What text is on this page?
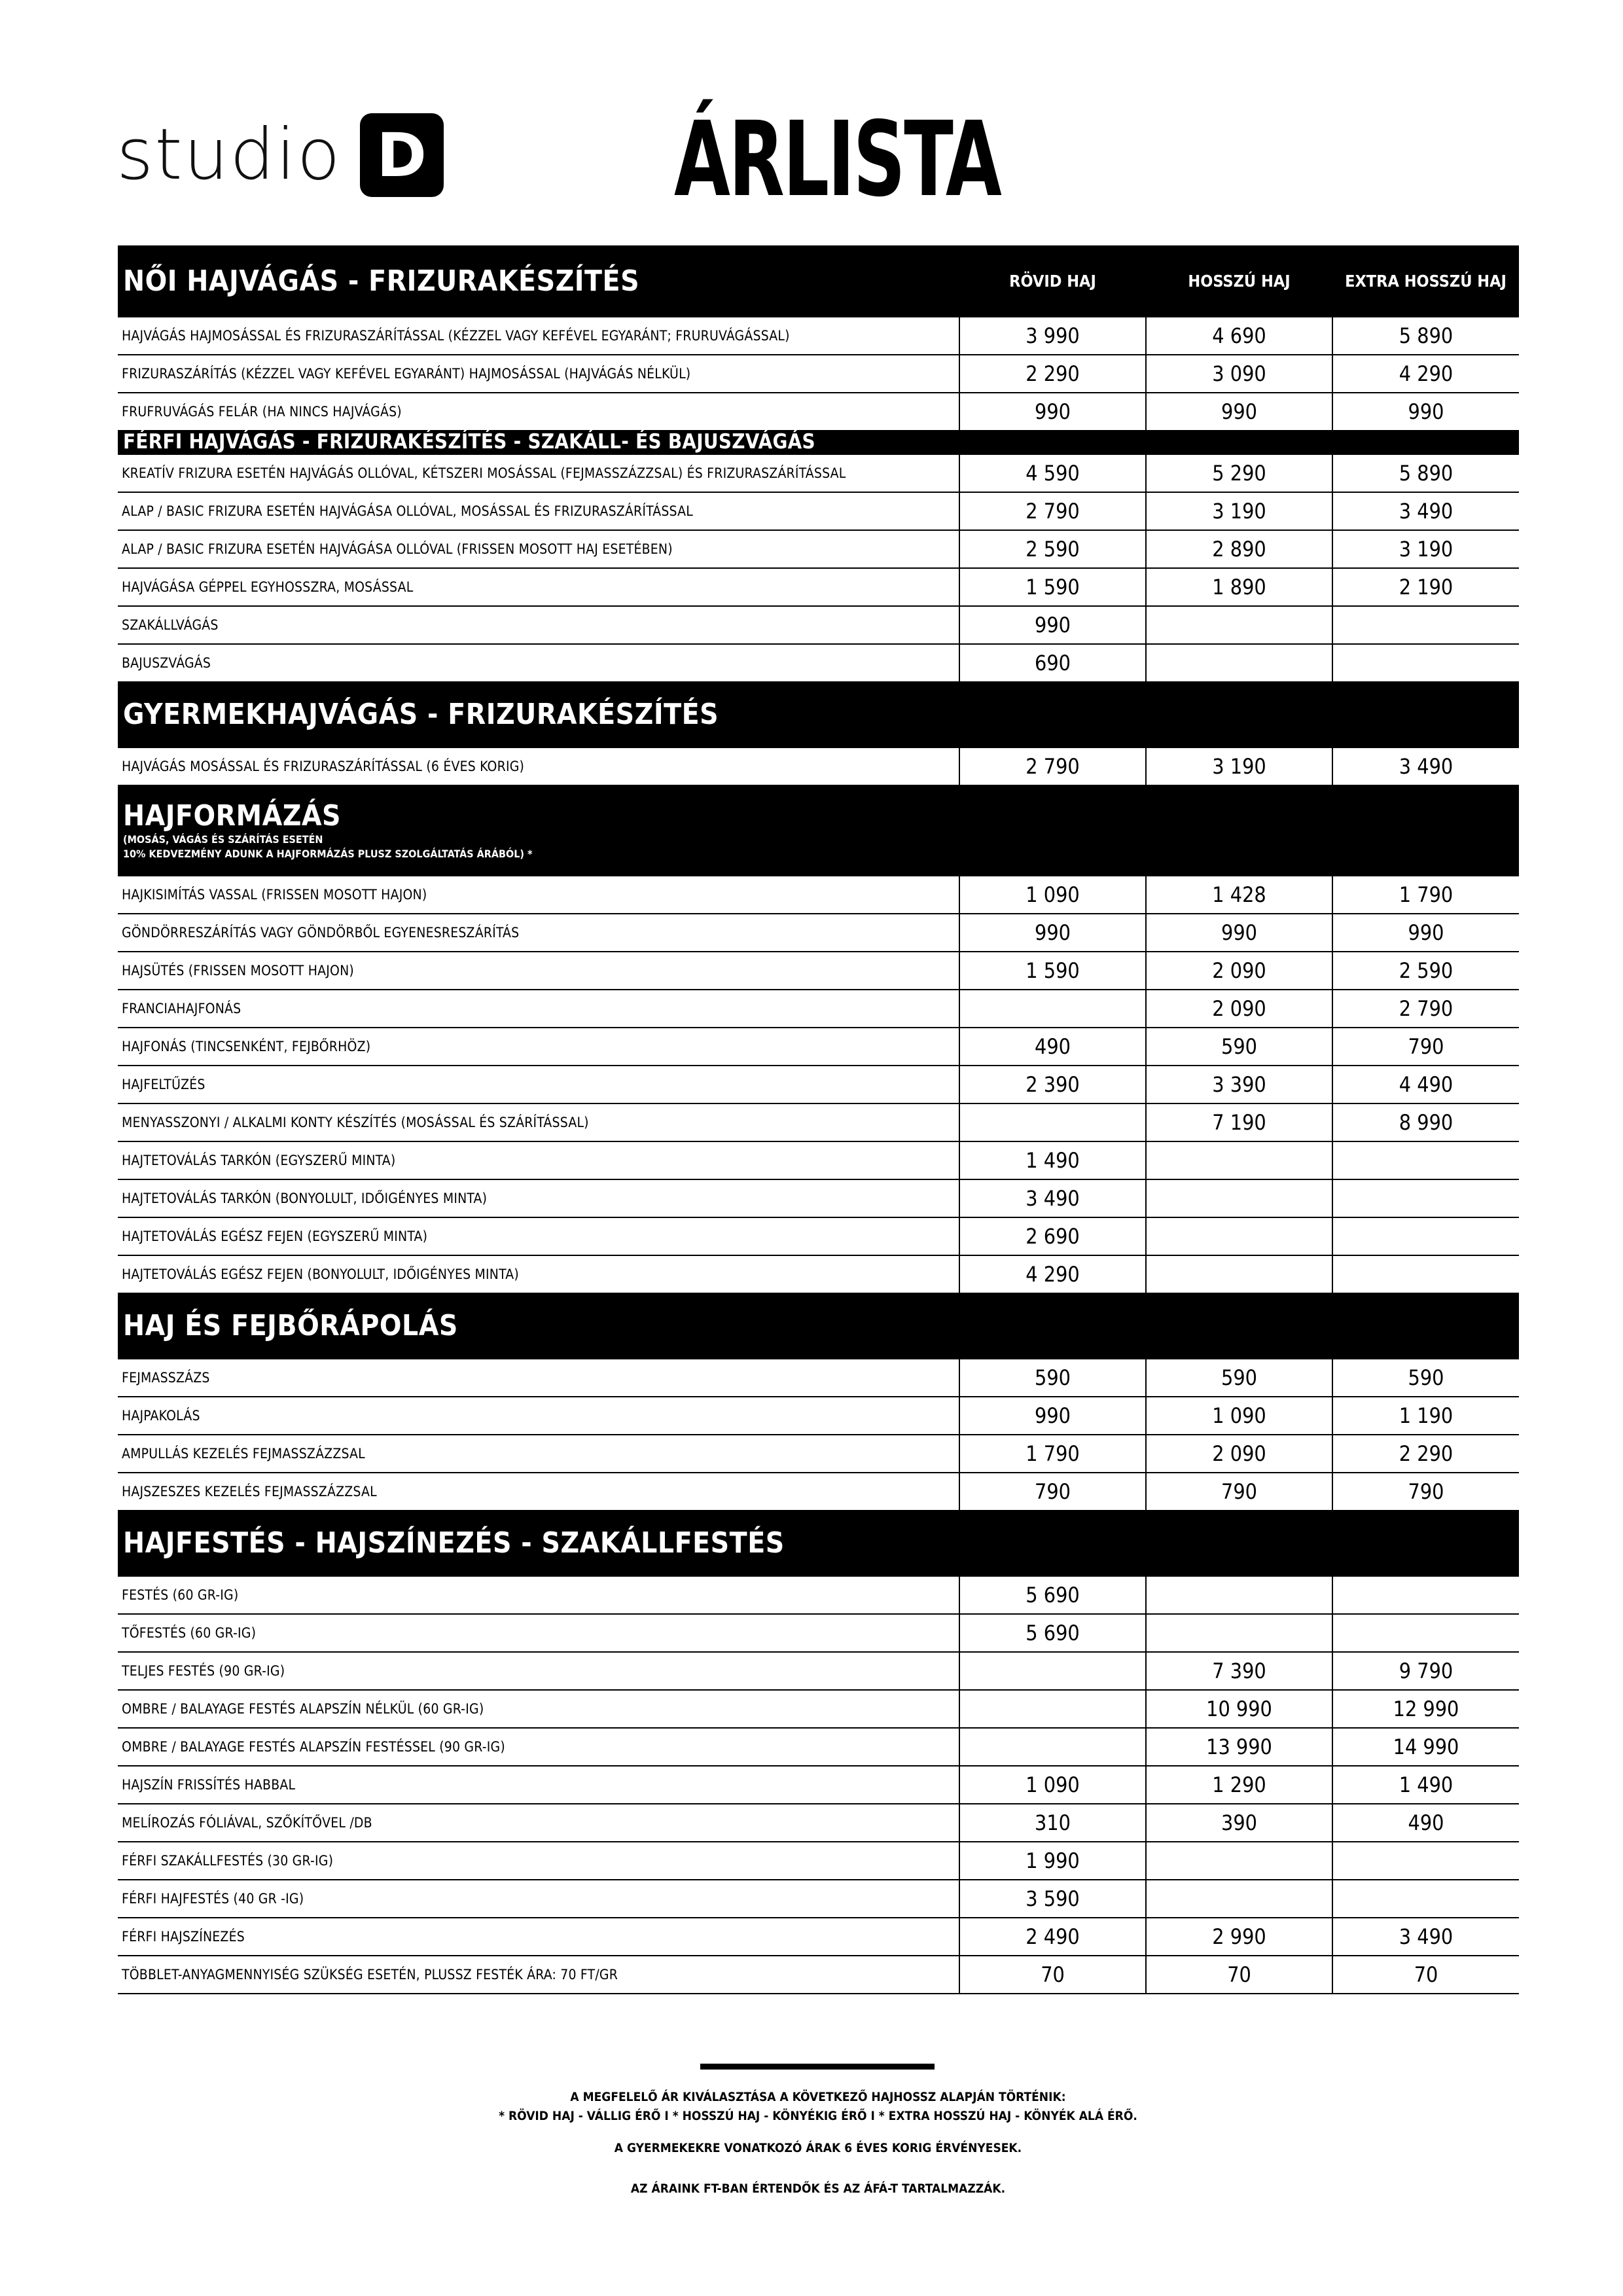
studio D ÁRLISTA
NŐI HAJVÁGÁS - FRIZURAKÉSZÍTÉS	RÖVID HAJ	HOSSZÚ HAJ	EXTRA HOSSZÚ HAJ
HAJVÁGÁS HAJMOSÁSSAL ÉS FRIZURASZÁRÍTÁSSAL (KÉZZEL VAGY KEFÉVEL EGYARÁNT; FRURUVÁGÁSSAL)	3 990	4 690	5 890
FRIZURASZÁRÍTÁS (KÉZZEL VAGY KEFÉVEL EGYARÁNT) HAJMOSÁSSAL (HAJVÁGÁS NÉLKÜL)	2 290	3 090	4 290
FRUFRUVÁGÁS FELÁR (HA NINCS HAJVÁGÁS)	990	990	990
FÉRFI HAJVÁGÁS - FRIZURAKÉSZÍTÉS - SZAKÁLL- ÉS BAJUSZVÁGÁS			
KREATÍV FRIZURA ESETÉN HAJVÁGÁS OLLÓVAL, KÉTSZERI MOSÁSSAL (FEJMASSZÁZZSAL) ÉS FRIZURASZÁRÍTÁSSAL	4 590	5 290	5 890
ALAP / BASIC FRIZURA ESETÉN HAJVÁGÁSA OLLÓVAL, MOSÁSSAL ÉS FRIZURASZÁRÍTÁSSAL	2 790	3 190	3 490
ALAP / BASIC FRIZURA ESETÉN HAJVÁGÁSA OLLÓVAL (FRISSEN MOSOTT HAJ ESETÉBEN)	2 590	2 890	3 190
HAJVÁGÁSA GÉPPEL EGYHOSSZRA, MOSÁSSAL	1 590	1 890	2 190
SZAKÁLLVÁGÁS	990		
BAJUSZVÁGÁS	690		
GYERMEKHAJVÁGÁS - FRIZURAKÉSZÍTÉS			
HAJVÁGÁS MOSÁSSAL ÉS FRIZURASZÁRÍTÁSSAL (6 ÉVES KORIG)	2 790	3 190	3 490
HAJFORMÁZÁS
(MOSÁS, VÁGÁS ÉS SZÁRÍTÁS ESETÉN
10% KEDVEZMÉNY ADUNK A HAJFORMÁZÁS PLUSZ SZOLGÁLTATÁS ÁRÁBÓL) *			

HAJKISIMÍTÁS VASSAL (FRISSEN MOSOTT HAJON)	1 090	1 428	1 790
GÖNDÖRRESZÁRÍTÁS VAGY GÖNDÖRBŐL EGYENESRESZÁRÍTÁS	990	990	990
HAJSÜTÉS (FRISSEN MOSOTT HAJON)	1 590	2 090	2 590
FRANCIAHAJFONÁS		2 090	2 790
HAJFONÁS (TINCSENKÉNT, FEJBŐRHÖZ)	490	590	790
HAJFELTŰZÉS	2 390	3 390	4 490
MENYASSZONYI / ALKALMI KONTY KÉSZÍTÉS (MOSÁSSAL ÉS SZÁRÍTÁSSAL)		7 190	8 990
HAJTETOVÁLÁS TARKÓN (EGYSZERŰ MINTA)	1 490		
HAJTETOVÁLÁS TARKÓN (BONYOLULT, IDŐIGÉNYES MINTA)	3 490		
HAJTETOVÁLÁS EGÉSZ FEJEN (EGYSZERŰ MINTA)	2 690		
HAJTETOVÁLÁS EGÉSZ FEJEN (BONYOLULT, IDŐIGÉNYES MINTA)	4 290		
HAJ ÉS FEJBŐRÁPOLÁS			
FEJMASSZÁZS	590	590	590
HAJPAKOLÁS	990	1 090	1 190
AMPULLÁS KEZELÉS FEJMASSZÁZZSAL	1 790	2 090	2 290
HAJSZESZES KEZELÉS FEJMASSZÁZZSAL	790	790	790
HAJFESTÉS - HAJSZÍNEZÉS - SZAKÁLLFESTÉS			
FESTÉS (60 GR-IG)	5 690		
TŐFESTÉS (60 GR-IG)	5 690		
TELJES FESTÉS (90 GR-IG)		7 390	9 790
OMBRE / BALAYAGE FESTÉS ALAPSZÍN NÉLKÜL (60 GR-IG)		10 990	12 990
OMBRE / BALAYAGE FESTÉS ALAPSZÍN FESTÉSSEL (90 GR-IG)		13 990	14 990
HAJSZÍN FRISSÍTÉS HABBAL	1 090	1 290	1 490
MELÍROZÁS FÓLIÁVAL, SZŐKÍTŐVEL /DB	310	390	490
FÉRFI SZAKÁLLFESTÉS (30 GR-IG)	1 990		
FÉRFI HAJFESTÉS (40 GR -IG)	3 590		
FÉRFI HAJSZÍNEZÉS	2 490	2 990	3 490
TÖBBLET-ANYAGMENNYISÉG SZÜKSÉG ESETÉN, PLUSSZ FESTÉK ÁRA: 70 FT/GR	70	70	70

A MEGFELELŐ ÁR KIVÁLASZTÁSA A KÖVETKEZŐ HAJHOSSZ ALAPJÁN TÖRTÉNIK:
* RÖVID HAJ - VÁLLIG ÉRŐ I * HOSSZÚ HAJ - KÖNYÉKIG ÉRŐ I * EXTRA HOSSZÚ HAJ - KÖNYÉK ALÁ ÉRŐ.

A GYERMEKEKRE VONATKOZÓ ÁRAK 6 ÉVES KORIG ÉRVÉNYESEK.

AZ ÁRAINK FT-BAN ÉRTENDŐK ÉS AZ ÁFÁ-T TARTALMAZZÁK.
